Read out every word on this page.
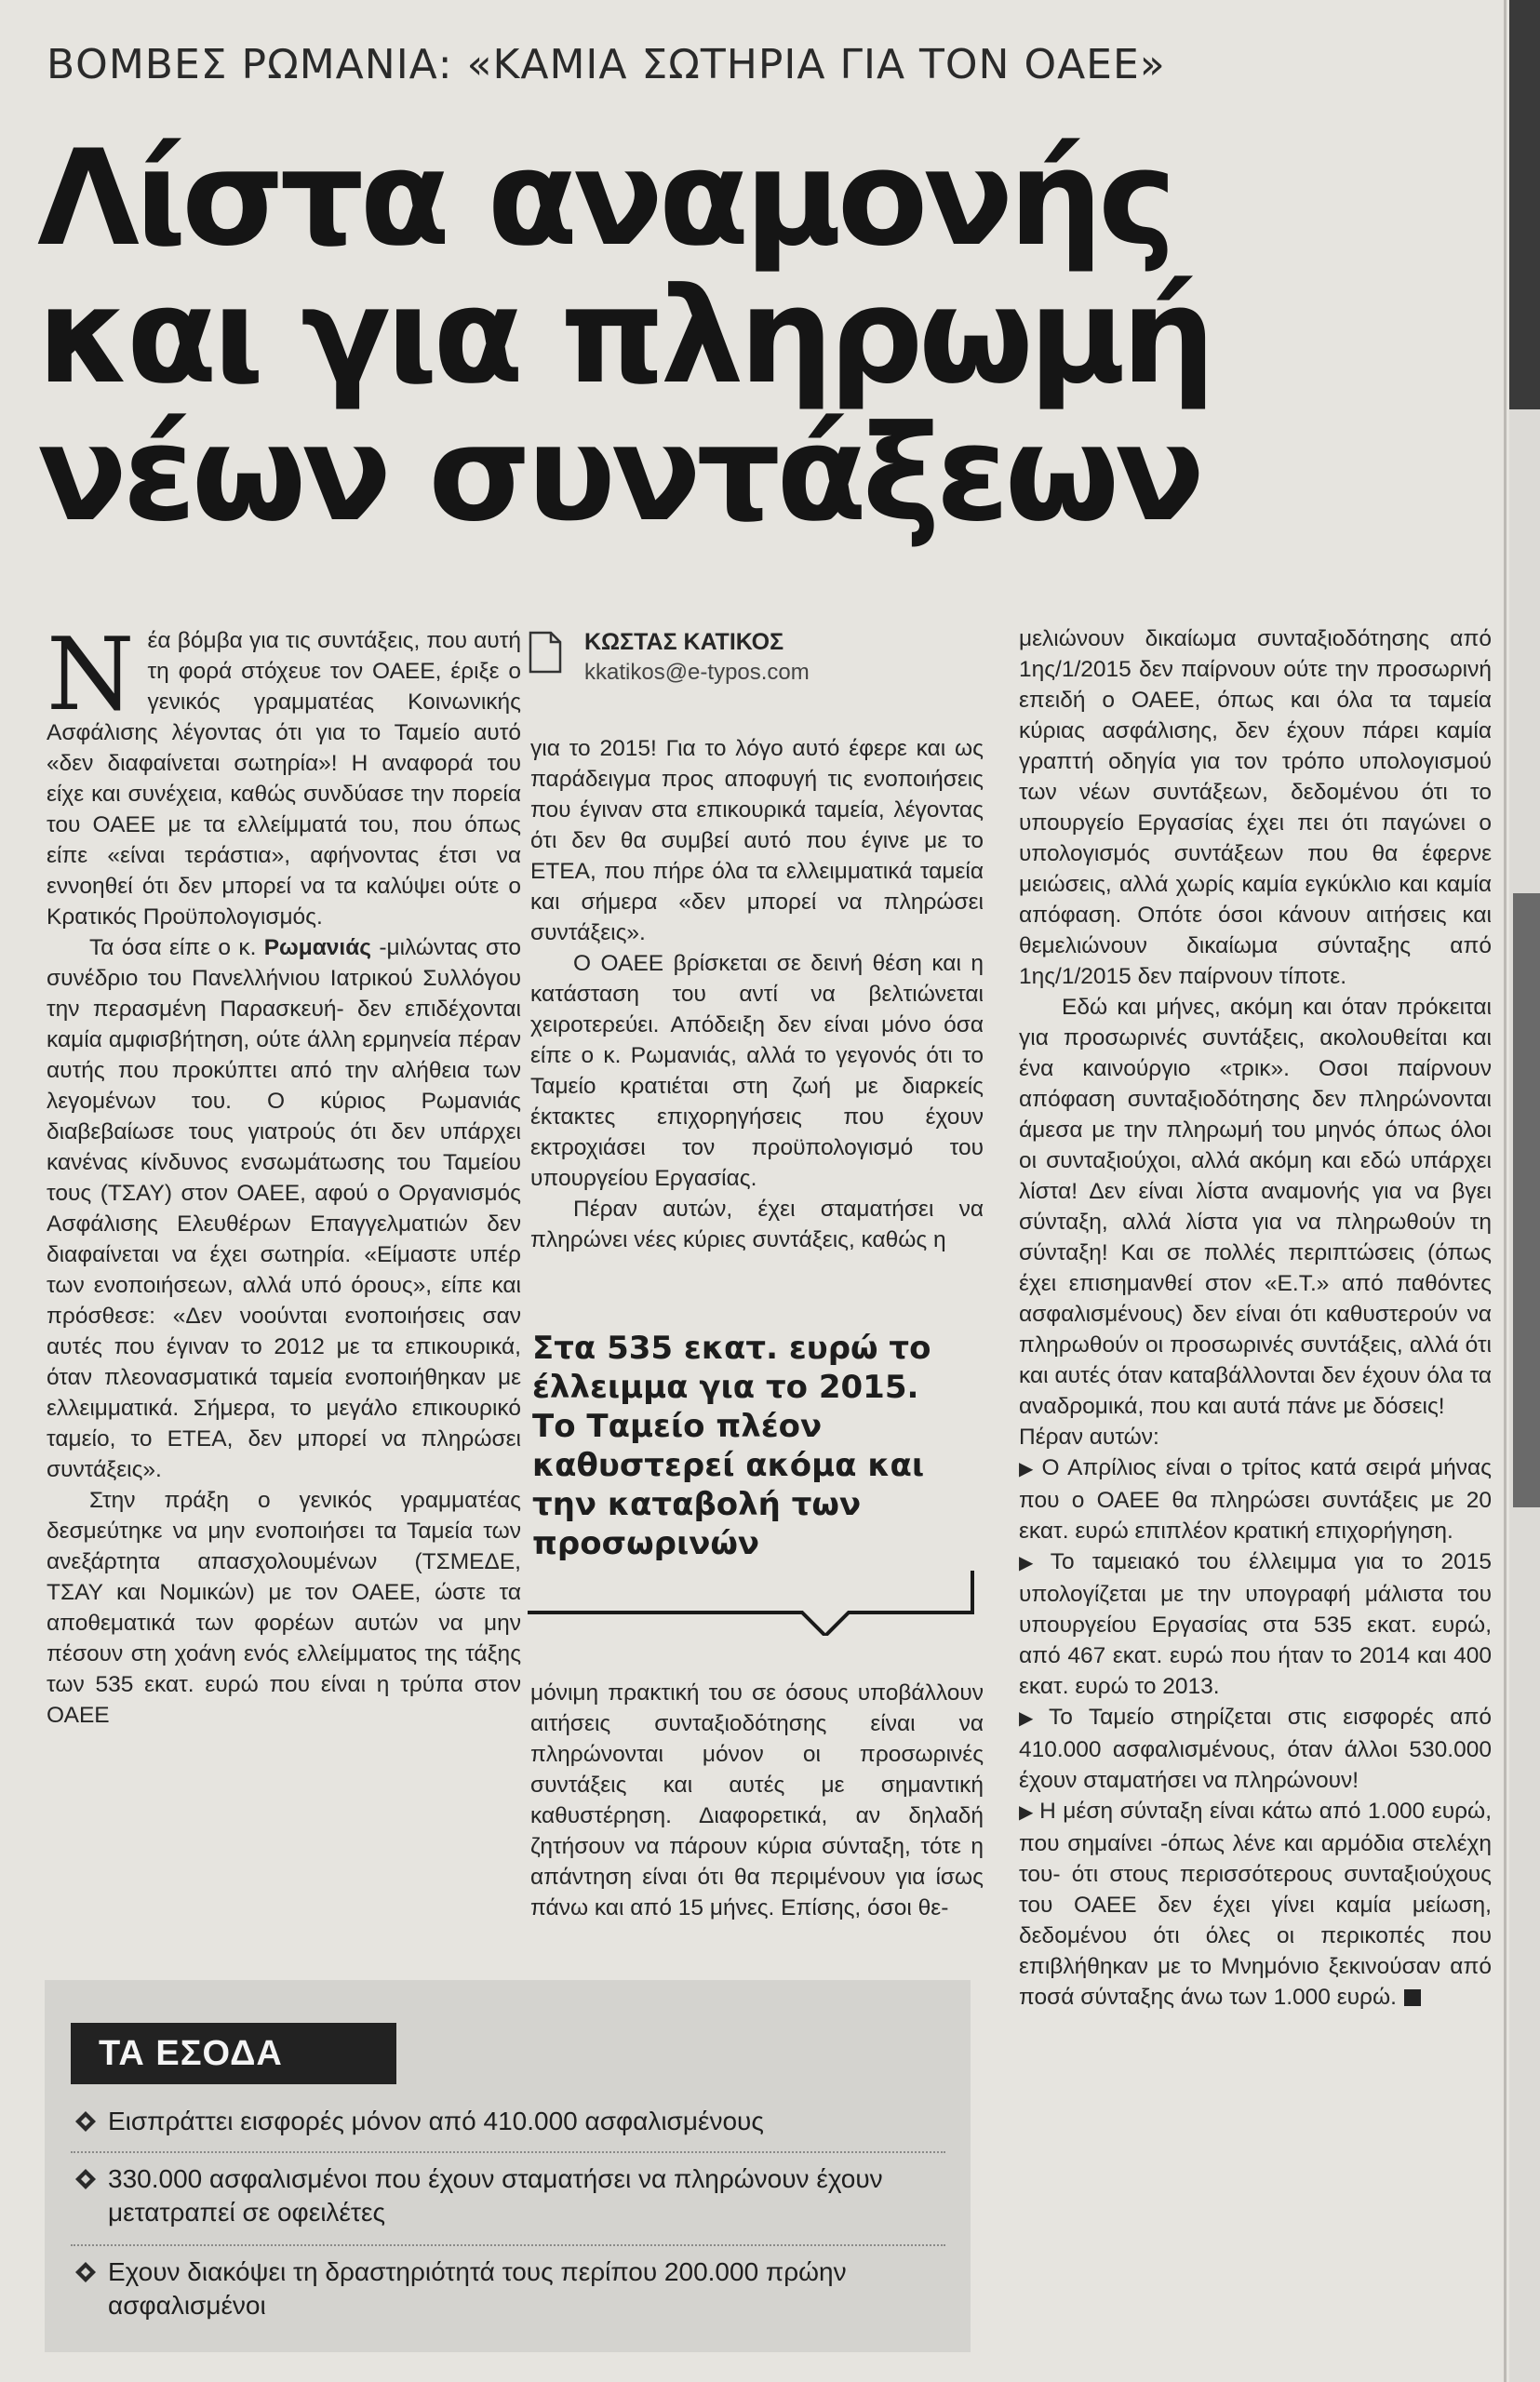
ΒΟΜΒΕΣ ΡΩΜΑΝΙΑ: «ΚΑΜΙΑ ΣΩΤΗΡΙΑ ΓΙΑ ΤΟΝ ΟΑΕΕ»
Λίστα αναμονής
και για πληρωμή
νέων συντάξεων

Νέα βόμβα για τις συντάξεις, που αυτή τη φορά στόχευε τον ΟΑΕΕ, έριξε ο γενικός γραμματέας Κοινωνικής Ασφάλισης λέγοντας ότι για το Ταμείο αυτό «δεν διαφαίνεται σωτηρία»! Η αναφορά του είχε και συνέχεια, καθώς συνδύασε την πορεία του ΟΑΕΕ με τα ελλείμματά του, που όπως είπε «είναι τεράστια», αφήνοντας έτσι να εννοηθεί ότι δεν μπορεί να τα καλύψει ούτε ο Κρατικός Προϋπολογισμός.

Τα όσα είπε ο κ. Ρωμανιάς -μιλώντας στο συνέδριο του Πανελλήνιου Ιατρικού Συλλόγου την περασμένη Παρασκευή- δεν επιδέχονται καμία αμφισβήτηση, ούτε άλλη ερμηνεία πέραν αυτής που προκύπτει από την αλήθεια των λεγομένων του. Ο κύριος Ρωμανιάς διαβεβαίωσε τους γιατρούς ότι δεν υπάρχει κανένας κίνδυνος ενσωμάτωσης του Ταμείου τους (ΤΣΑΥ) στον ΟΑΕΕ, αφού ο Οργανισμός Ασφάλισης Ελευθέρων Επαγγελματιών δεν διαφαίνεται να έχει σωτηρία. «Είμαστε υπέρ των ενοποιήσεων, αλλά υπό όρους», είπε και πρόσθεσε: «Δεν νοούνται ενοποιήσεις σαν αυτές που έγιναν το 2012 με τα επικουρικά, όταν πλεονασματικά ταμεία ενοποιήθηκαν με ελλειμματικά. Σήμερα, το μεγάλο επικουρικό ταμείο, το ΕΤΕΑ, δεν μπορεί να πληρώσει συντάξεις».

Στην πράξη ο γενικός γραμματέας δεσμεύτηκε να μην ενοποιήσει τα Ταμεία των ανεξάρτητα απασχολουμένων (ΤΣΜΕΔΕ, ΤΣΑΥ και Νομικών) με τον ΟΑΕΕ, ώστε τα αποθεματικά των φορέων αυτών να μην πέσουν στη χοάνη ενός ελλείμματος της τάξης των 535 εκατ. ευρώ που είναι η τρύπα στον ΟΑΕΕ

ΚΩΣΤΑΣ ΚΑΤΙΚΟΣ
kkatikos@e-typos.com

για το 2015! Για το λόγο αυτό έφερε και ως παράδειγμα προς αποφυγή τις ενοποιήσεις που έγιναν στα επικουρικά ταμεία, λέγοντας ότι δεν θα συμβεί αυτό που έγινε με το ΕΤΕΑ, που πήρε όλα τα ελλειμματικά ταμεία και σήμερα «δεν μπορεί να πληρώσει συντάξεις».

Ο ΟΑΕΕ βρίσκεται σε δεινή θέση και η κατάσταση του αντί να βελτιώνεται χειροτερεύει. Απόδειξη δεν είναι μόνο όσα είπε ο κ. Ρωμανιάς, αλλά το γεγονός ότι το Ταμείο κρατιέται στη ζωή με διαρκείς έκτακτες επιχορηγήσεις που έχουν εκτροχιάσει τον προϋπολογισμό του υπουργείου Εργασίας.

Πέραν αυτών, έχει σταματήσει να πληρώνει νέες κύριες συντάξεις, καθώς η

Στα 535 εκατ. ευρώ το έλλειμμα για το 2015. Το Ταμείο πλέον καθυστερεί ακόμα και την καταβολή των προσωρινών

μόνιμη πρακτική του σε όσους υποβάλλουν αιτήσεις συνταξιοδότησης είναι να πληρώνονται μόνον οι προσωρινές συντάξεις και αυτές με σημαντική καθυστέρηση. Διαφορετικά, αν δηλαδή ζητήσουν να πάρουν κύρια σύνταξη, τότε η απάντηση είναι ότι θα περιμένουν για ίσως πάνω και από 15 μήνες. Επίσης, όσοι θε-

μελιώνουν δικαίωμα συνταξιοδότησης από 1ης/1/2015 δεν παίρνουν ούτε την προσωρινή επειδή ο ΟΑΕΕ, όπως και όλα τα ταμεία κύριας ασφάλισης, δεν έχουν πάρει καμία γραπτή οδηγία για τον τρόπο υπολογισμού των νέων συντάξεων, δεδομένου ότι το υπουργείο Εργασίας έχει πει ότι παγώνει ο υπολογισμός συντάξεων που θα έφερνε μειώσεις, αλλά χωρίς καμία εγκύκλιο και καμία απόφαση. Οπότε όσοι κάνουν αιτήσεις και θεμελιώνουν δικαίωμα σύνταξης από 1ης/1/2015 δεν παίρνουν τίποτε.

Εδώ και μήνες, ακόμη και όταν πρόκειται για προσωρινές συντάξεις, ακολουθείται και ένα καινούργιο «τρικ». Οσοι παίρνουν απόφαση συνταξιοδότησης δεν πληρώνονται άμεσα με την πληρωμή του μηνός όπως όλοι οι συνταξιούχοι, αλλά ακόμη και εδώ υπάρχει λίστα! Δεν είναι λίστα αναμονής για να βγει σύνταξη, αλλά λίστα για να πληρωθούν τη σύνταξη! Και σε πολλές περιπτώσεις (όπως έχει επισημανθεί στον «Ε.Τ.» από παθόντες ασφαλισμένους) δεν είναι ότι καθυστερούν να πληρωθούν οι προσωρινές συντάξεις, αλλά ότι και αυτές όταν καταβάλλονται δεν έχουν όλα τα αναδρομικά, που και αυτά πάνε με δόσεις!

Πέραν αυτών:

▶ Ο Απρίλιος είναι ο τρίτος κατά σειρά μήνας που ο ΟΑΕΕ θα πληρώσει συντάξεις με 20 εκατ. ευρώ επιπλέον κρατική επιχορήγηση.

▶ Το ταμειακό του έλλειμμα για το 2015 υπολογίζεται με την υπογραφή μάλιστα του υπουργείου Εργασίας στα 535 εκατ. ευρώ, από 467 εκατ. ευρώ που ήταν το 2014 και 400 εκατ. ευρώ το 2013.

▶ Το Ταμείο στηρίζεται στις εισφορές από 410.000 ασφαλισμένους, όταν άλλοι 530.000 έχουν σταματήσει να πληρώνουν!

▶ Η μέση σύνταξη είναι κάτω από 1.000 ευρώ, που σημαίνει -όπως λένε και αρμόδια στελέχη του- ότι στους περισσότερους συνταξιούχους του ΟΑΕΕ δεν έχει γίνει καμία μείωση, δεδομένου ότι όλες οι περικοπές που επιβλήθηκαν με το Μνημόνιο ξεκινούσαν από ποσά σύνταξης άνω των 1.000 ευρώ.

ΤΑ ΕΣΟΔΑ
Εισπράττει εισφορές μόνον από 410.000 ασφαλισμένους
330.000 ασφαλισμένοι που έχουν σταματήσει να πληρώνουν έχουν μετατραπεί σε οφειλέτες
Εχουν διακόψει τη δραστηριότητά τους περίπου 200.000 πρώην ασφαλισμένοι
